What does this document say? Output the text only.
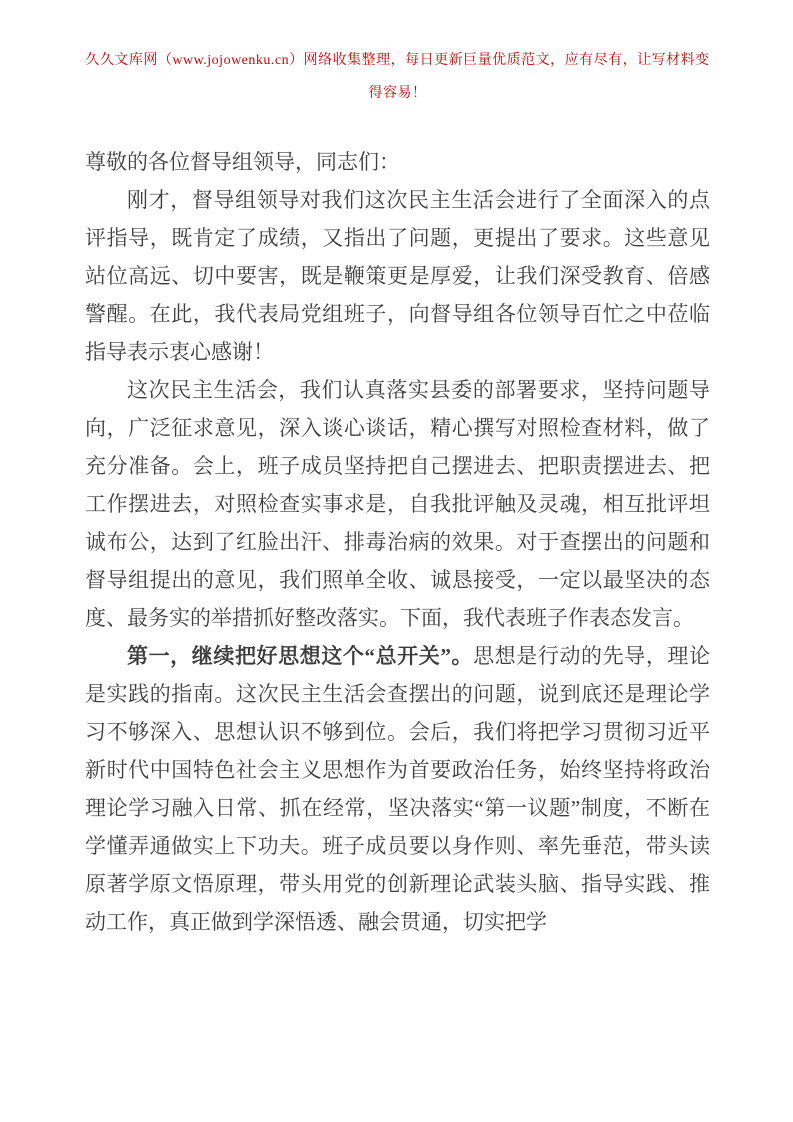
久久文库网（www.jojowenku.cn）网络收集整理，每日更新巨量优质范文，应有尽有，让写材料变得容易！

尊敬的各位督导组领导，同志们：

刚才，督导组领导对我们这次民主生活会进行了全面深入的点评指导，既肯定了成绩，又指出了问题，更提出了要求。这些意见站位高远、切中要害，既是鞭策更是厚爱，让我们深受教育、倍感警醒。在此，我代表局党组班子，向督导组各位领导百忙之中莅临指导表示衷心感谢！

这次民主生活会，我们认真落实县委的部署要求，坚持问题导向，广泛征求意见，深入谈心谈话，精心撰写对照检查材料，做了充分准备。会上，班子成员坚持把自己摆进去、把职责摆进去、把工作摆进去，对照检查实事求是，自我批评触及灵魂，相互批评坦诚布公，达到了红脸出汗、排毒治病的效果。对于查摆出的问题和督导组提出的意见，我们照单全收、诚恳接受，一定以最坚决的态度、最务实的举措抓好整改落实。下面，我代表班子作表态发言。

第一，继续把好思想这个“总开关”。思想是行动的先导，理论是实践的指南。这次民主生活会查摆出的问题，说到底还是理论学习不够深入、思想认识不够到位。会后，我们将把学习贯彻习近平新时代中国特色社会主义思想作为首要政治任务，始终坚持将政治理论学习融入日常、抓在经常，坚决落实“第一议题”制度，不断在学懂弄通做实上下功夫。班子成员要以身作则、率先垂范，带头读原著学原文悟原理，带头用党的创新理论武装头脑、指导实践、推动工作，真正做到学深悟透、融会贯通，切实把学
